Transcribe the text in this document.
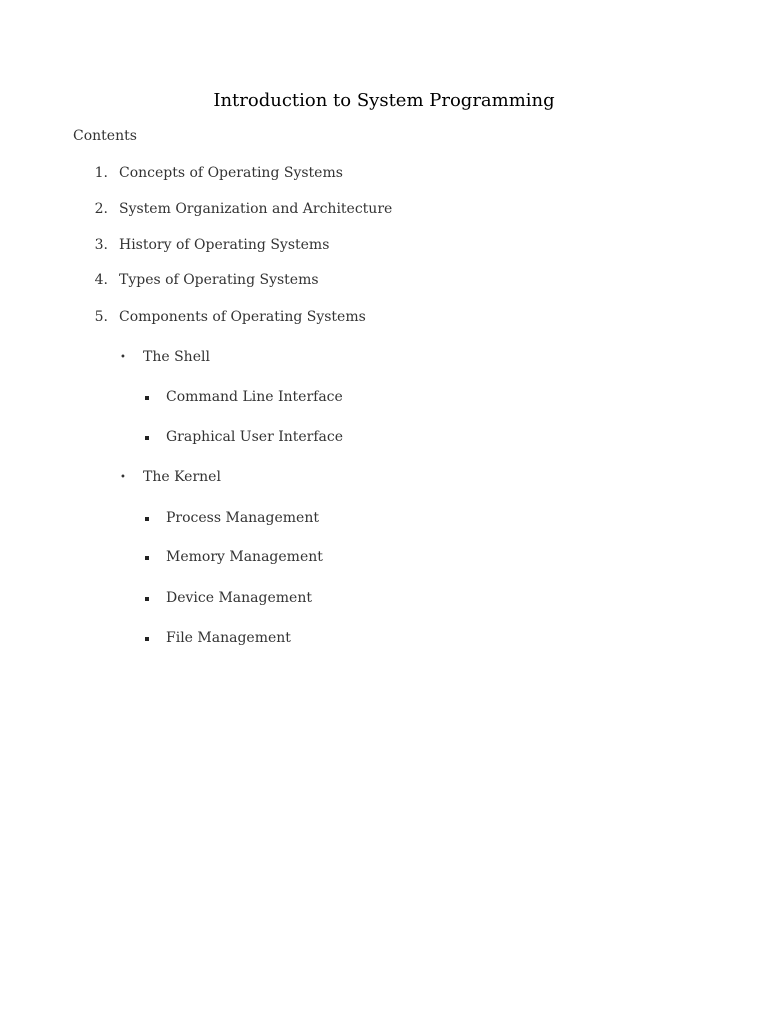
Introduction to System Programming
Contents
1. Concepts of Operating Systems
2. System Organization and Architecture
3. History of Operating Systems
4. Types of Operating Systems
5. Components of Operating Systems
• The Shell
Command Line Interface
Graphical User Interface
• The Kernel
Process Management
Memory Management
Device Management
File Management
